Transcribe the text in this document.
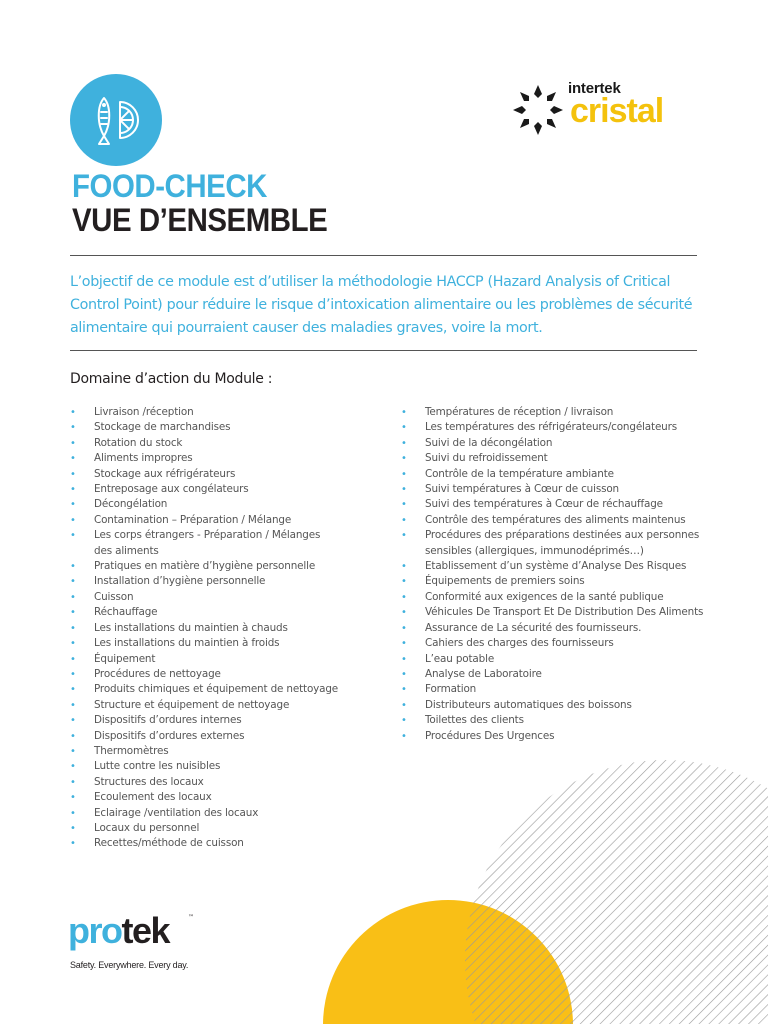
intertek
cristal
FOOD-CHECK
VUE D’ENSEMBLE
L’objectif de ce module est d’utiliser la méthodologie HACCP (Hazard Analysis of Critical Control Point) pour réduire le risque d’intoxication alimentaire ou les problèmes de sécurité alimentaire qui pourraient causer des maladies graves, voire la mort.
Domaine d’action du Module :
• Livraison /réception
• Stockage de marchandises
• Rotation du stock
• Aliments impropres
• Stockage aux réfrigérateurs
• Entreposage aux congélateurs
• Décongélation
• Contamination – Préparation / Mélange
• Les corps étrangers - Préparation / Mélanges des aliments
• Pratiques en matière d’hygiène personnelle
• Installation d’hygiène personnelle
• Cuisson
• Réchauffage
• Les installations du maintien à chauds
• Les installations du maintien à froids
• Équipement
• Procédures de nettoyage
• Produits chimiques et équipement de nettoyage
• Structure et équipement de nettoyage
• Dispositifs d’ordures internes
• Dispositifs d’ordures externes
• Thermomètres
• Lutte contre les nuisibles
• Structures des locaux
• Ecoulement des locaux
• Eclairage /ventilation des locaux
• Locaux du personnel
• Recettes/méthode de cuisson
• Températures de réception / livraison
• Les températures des réfrigérateurs/congélateurs
• Suivi de la décongélation
• Suivi du refroidissement
• Contrôle de la température ambiante
• Suivi températures à Cœur de cuisson
• Suivi des températures à Cœur de réchauffage
• Contrôle des températures des aliments maintenus
• Procédures des préparations destinées aux personnes sensibles (allergiques, immunodéprimés…)
• Etablissement d’un système d’Analyse Des Risques
• Équipements de premiers soins
• Conformité aux exigences de la santé publique
• Véhicules De Transport Et De Distribution Des Aliments
• Assurance de La sécurité des fournisseurs.
• Cahiers des charges des fournisseurs
• L’eau potable
• Analyse de Laboratoire
• Formation
• Distributeurs automatiques des boissons
• Toilettes des clients
• Procédures Des Urgences
protek	™
Safety. Everywhere. Every day.
